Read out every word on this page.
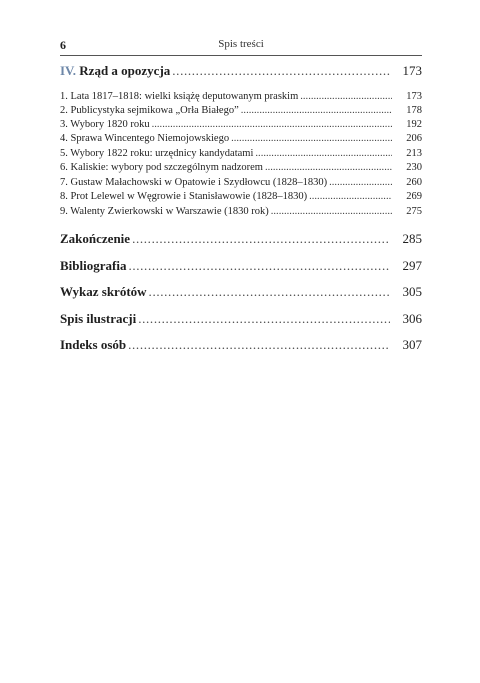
6	Spis treści
IV. Rząd a opozycja . . .	173
1. Lata 1817–1818: wielki książę deputowanym praskim . . .	173
2. Publicystyka sejmikowa „Orła Białego” . . .	178
3. Wybory 1820 roku . . .	192
4. Sprawa Wincentego Niemojowskiego . . .	206
5. Wybory 1822 roku: urzędnicy kandydatami . . .	213
6. Kaliskie: wybory pod szczególnym nadzorem . . .	230
7. Gustaw Małachowski w Opatowie i Szydłowcu (1828–1830) . . .	260
8. Prot Lelewel w Węgrowie i Stanisławowie (1828–1830) . . .	269
9. Walenty Zwierkowski w Warszawie (1830 rok) . . .	275
Zakończenie . . .	285
Bibliografia . . .	297
Wykaz skrótów . . .	305
Spis ilustracji . . .	306
Indeks osób . . .	307
